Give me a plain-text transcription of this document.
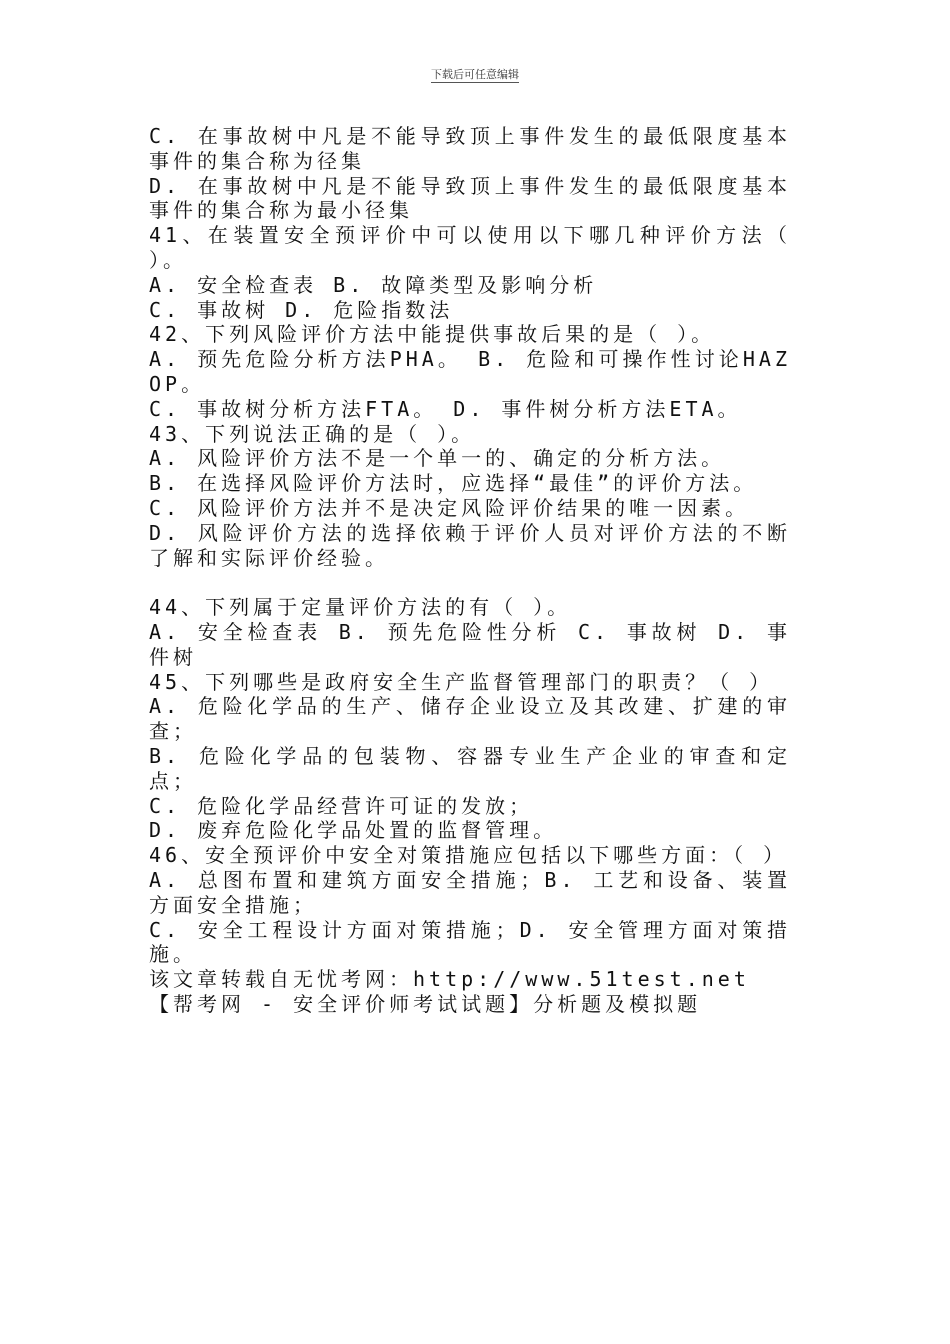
下载后可任意编辑

C. 在事故树中凡是不能导致顶上事件发生的最低限度基本事件的集合称为径集

D. 在事故树中凡是不能导致顶上事件发生的最低限度基本事件的集合称为最小径集

41、在装置安全预评价中可以使用以下哪几种评价方法（ ）。

A. 安全检查表 B. 故障类型及影响分析

C. 事故树 D. 危险指数法

42、下列风险评价方法中能提供事故后果的是（ ）。

A. 预先危险分析方法PHA。 B. 危险和可操作性讨论HAZOP。

C. 事故树分析方法FTA。 D. 事件树分析方法ETA。

43、下列说法正确的是（ ）。

A. 风险评价方法不是一个单一的、确定的分析方法。

B. 在选择风险评价方法时，应选择“最佳”的评价方法。

C. 风险评价方法并不是决定风险评价结果的唯一因素。

D. 风险评价方法的选择依赖于评价人员对评价方法的不断了解和实际评价经验。

44、下列属于定量评价方法的有（ ）。

A. 安全检查表 B. 预先危险性分析 C. 事故树 D. 事件树

45、下列哪些是政府安全生产监督管理部门的职责？（ ）

A. 危险化学品的生产、储存企业设立及其改建、扩建的审查；

B. 危险化学品的包装物、容器专业生产企业的审查和定点；

C. 危险化学品经营许可证的发放；

D. 废弃危险化学品处置的监督管理。

46、安全预评价中安全对策措施应包括以下哪些方面：（ ）

A. 总图布置和建筑方面安全措施；B. 工艺和设备、装置方面安全措施；

C. 安全工程设计方面对策措施；D. 安全管理方面对策措施。

该文章转载自无忧考网：http://www.51test.net

【帮考网 - 安全评价师考试试题】分析题及模拟题
